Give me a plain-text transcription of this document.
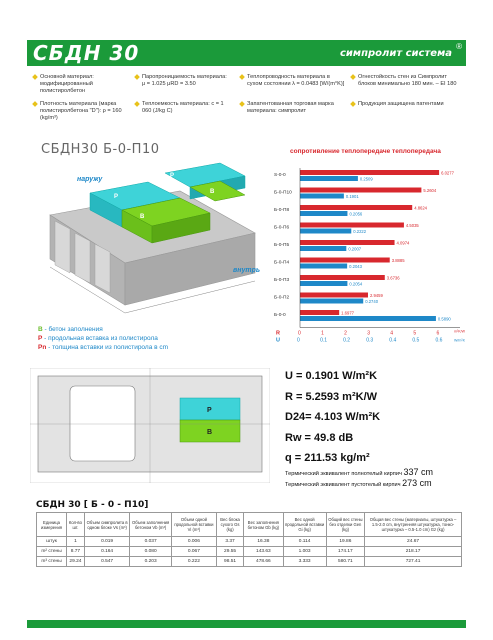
СБДН 30	симпролит система
®
Основной материал: модифицированный полистиролбетон
Плотность материала (марка полистиролбетона "D"): ρ = 160 (kg/m³)
Паропроницаемость материала: μ = 1.025 μRD = 3.50
Теплоемкость материала: c = 1 060 (J/kg C)
Теплопроводность материала в сухом состоянии λ = 0.0483 [W/(m°K)]
Запатентованная торговая марка материала: симпролит
Огнестойкость стен из Симпролит блоков минимально 180 мин. – EI 180
Продукция защищена патентами
СБДН30 Б-0-П10
P
B
P
B
наружу
внутрь
сопротивление теплопередаче теплопередача
S-0-0	6.0277
0.2509
Б-0-П10	5.2604
0.1901
Б-0-П8	4.8624
0.2056
Б-0-П6	4.5035
0.2222
Б-0-П5	4.0974
0.2007
Б-0-П4	3.8885
0.2043
Б-0-П3	3.6736
0.2054
Б-0-П2	2.9459
0.2740
Б-0-0	1.6977
0.5890
0	1	2	3	4	5	6
0	0.1	0.2	0.3	0.4	0.5	0.6
R
U
m²K/W
W/m²K
B - бетон заполнения
P - продольная вставка из полистирола
Pn - толщина вставки из полистирола в cm
P
B
U = 0.1901 W/m²K
R = 5.2593 m²K/W
D24= 4.103 W/m²K
Rw = 49.8 dB
q = 211.53 kg/m²
Термический эквивалент полнотелый кирпич 337 cm
Термический эквивалент пустотелый кирпич 273 cm
СБДН 30 [ Б - 0 - П10]
Единица измерения	Кол-во шт.	Объем симпролита в одном блоке Vs (m³)	Объем заполнения бетоном Vb (m³)	Объем одной продольной вставки Vi (m³)	Вес блока сухого Gs (kg)	Вес заполнения бетоном Gb (kg)	Вес одной продольной вставки Gi (kg)	Общий вес стены без отделки Gen (kg)	Общая вес стены (материалы, штукатурка – 1.5-2.0 cm, внутренняя штукатурка, тонко-штукатурка – 0.5-1.0 cm) Gz (kg)
штук	1	0.019	0.037	0.006	3.37	16.38	0.114	19.86	24.67
m² стены	8.77	0.164	0.080	0.067	29.55	143.63	1.003	174.17	218.17
m³ стены	29.24	0.547	0.203	0.222	98.51	478.66	3.333	580.71	727.41
